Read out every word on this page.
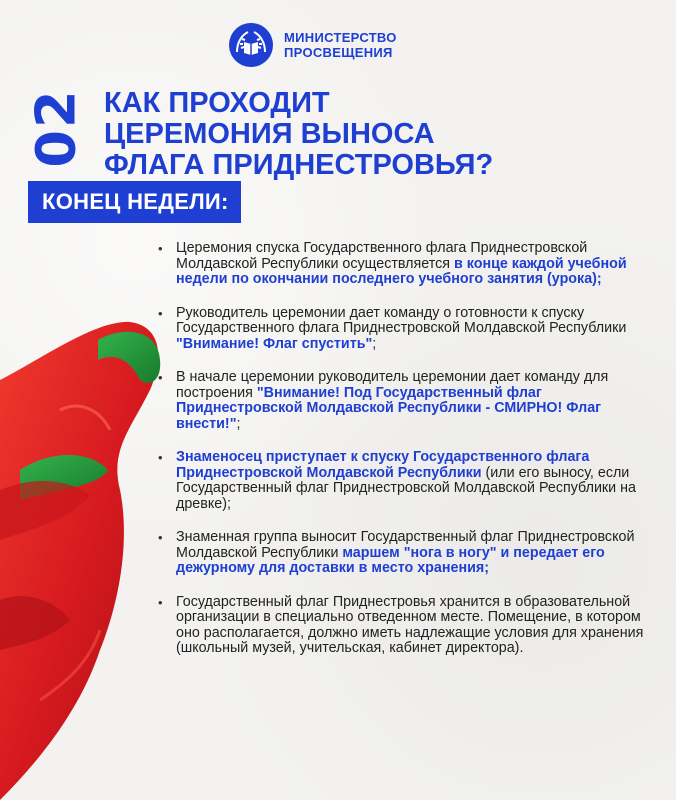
МИНИСТЕРСТВО
ПРОСВЕЩЕНИЯ
02 КАК ПРОХОДИТ
ЦЕРЕМОНИЯ ВЫНОСА
ФЛАГА ПРИДНЕСТРОВЬЯ?
КОНЕЦ НЕДЕЛИ:
• Церемония спуска Государственного флага Приднестровской Молдавской Республики осуществляется в конце каждой учебной недели по окончании последнего учебного занятия (урока);
• Руководитель церемонии дает команду о готовности к спуску Государственного флага Приднестровской Молдавской Республики "Внимание! Флаг спустить";
• В начале церемонии руководитель церемонии дает команду для построения "Внимание! Под Государственный флаг Приднестровской Молдавской Республики - СМИРНО! Флаг внести!";
• Знаменосец приступает к спуску Государственного флага Приднестровской Молдавской Республики (или его выносу, если Государственный флаг Приднестровской Молдавской Республики на древке);
• Знаменная группа выносит Государственный флаг Приднестровской Молдавской Республики маршем "нога в ногу" и передает его дежурному для доставки в место хранения;
• Государственный флаг Приднестровья хранится в образовательной организации в специально отведенном месте. Помещение, в котором оно располагается, должно иметь надлежащие условия для хранения (школьный музей, учительская, кабинет директора).
